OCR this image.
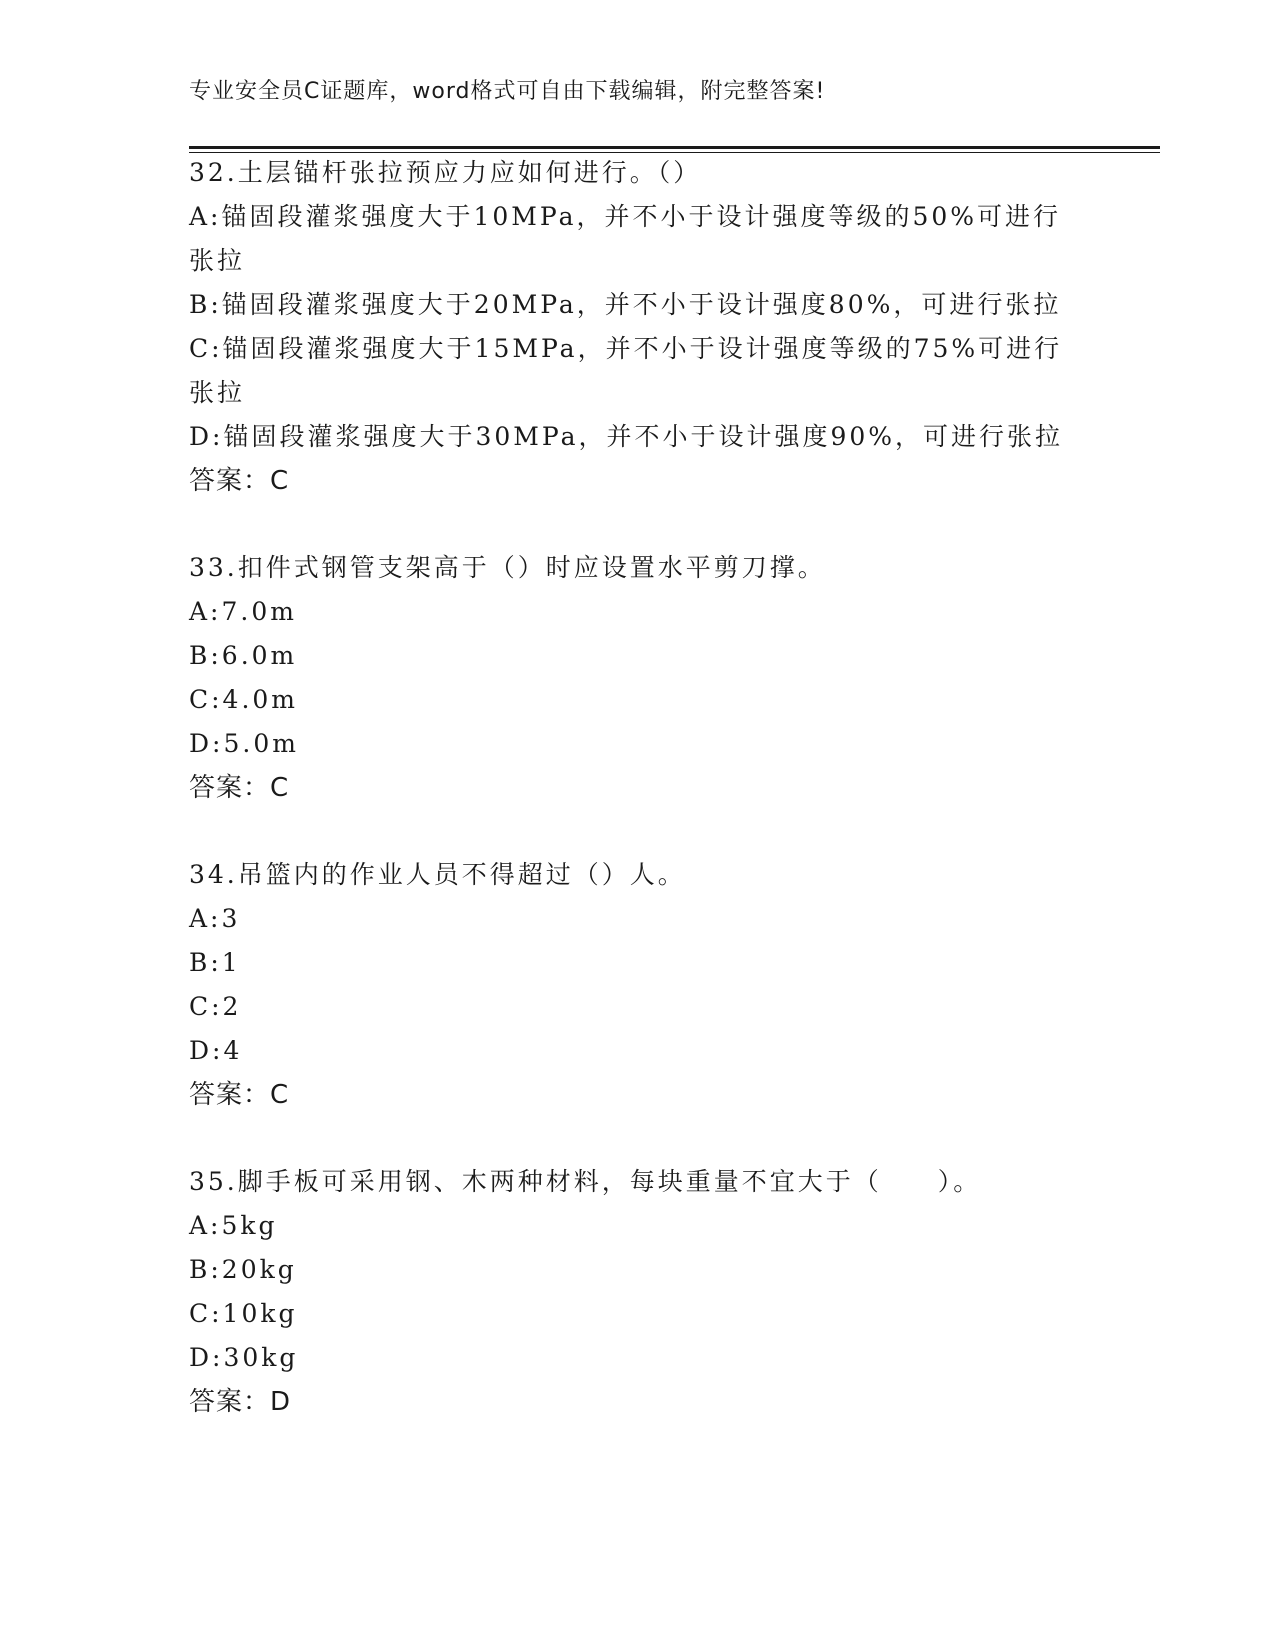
专业安全员C证题库，word格式可自由下载编辑，附完整答案!
32.土层锚杆张拉预应力应如何进行。（）
A:锚固段灌浆强度大于10MPa，并不小于设计强度等级的50%可进行
张拉
B:锚固段灌浆强度大于20MPa，并不小于设计强度80%，可进行张拉
C:锚固段灌浆强度大于15MPa，并不小于设计强度等级的75%可进行
张拉
D:锚固段灌浆强度大于30MPa，并不小于设计强度90%，可进行张拉
答案：C
33.扣件式钢管支架高于（）时应设置水平剪刀撑。
A:7.0m
B:6.0m
C:4.0m
D:5.0m
答案：C
34.吊篮内的作业人员不得超过（）人。
A:3
B:1
C:2
D:4
答案：C
35.脚手板可采用钢、木两种材料，每块重量不宜大于（　　）。
A:5kg
B:20kg
C:10kg
D:30kg
答案：D
